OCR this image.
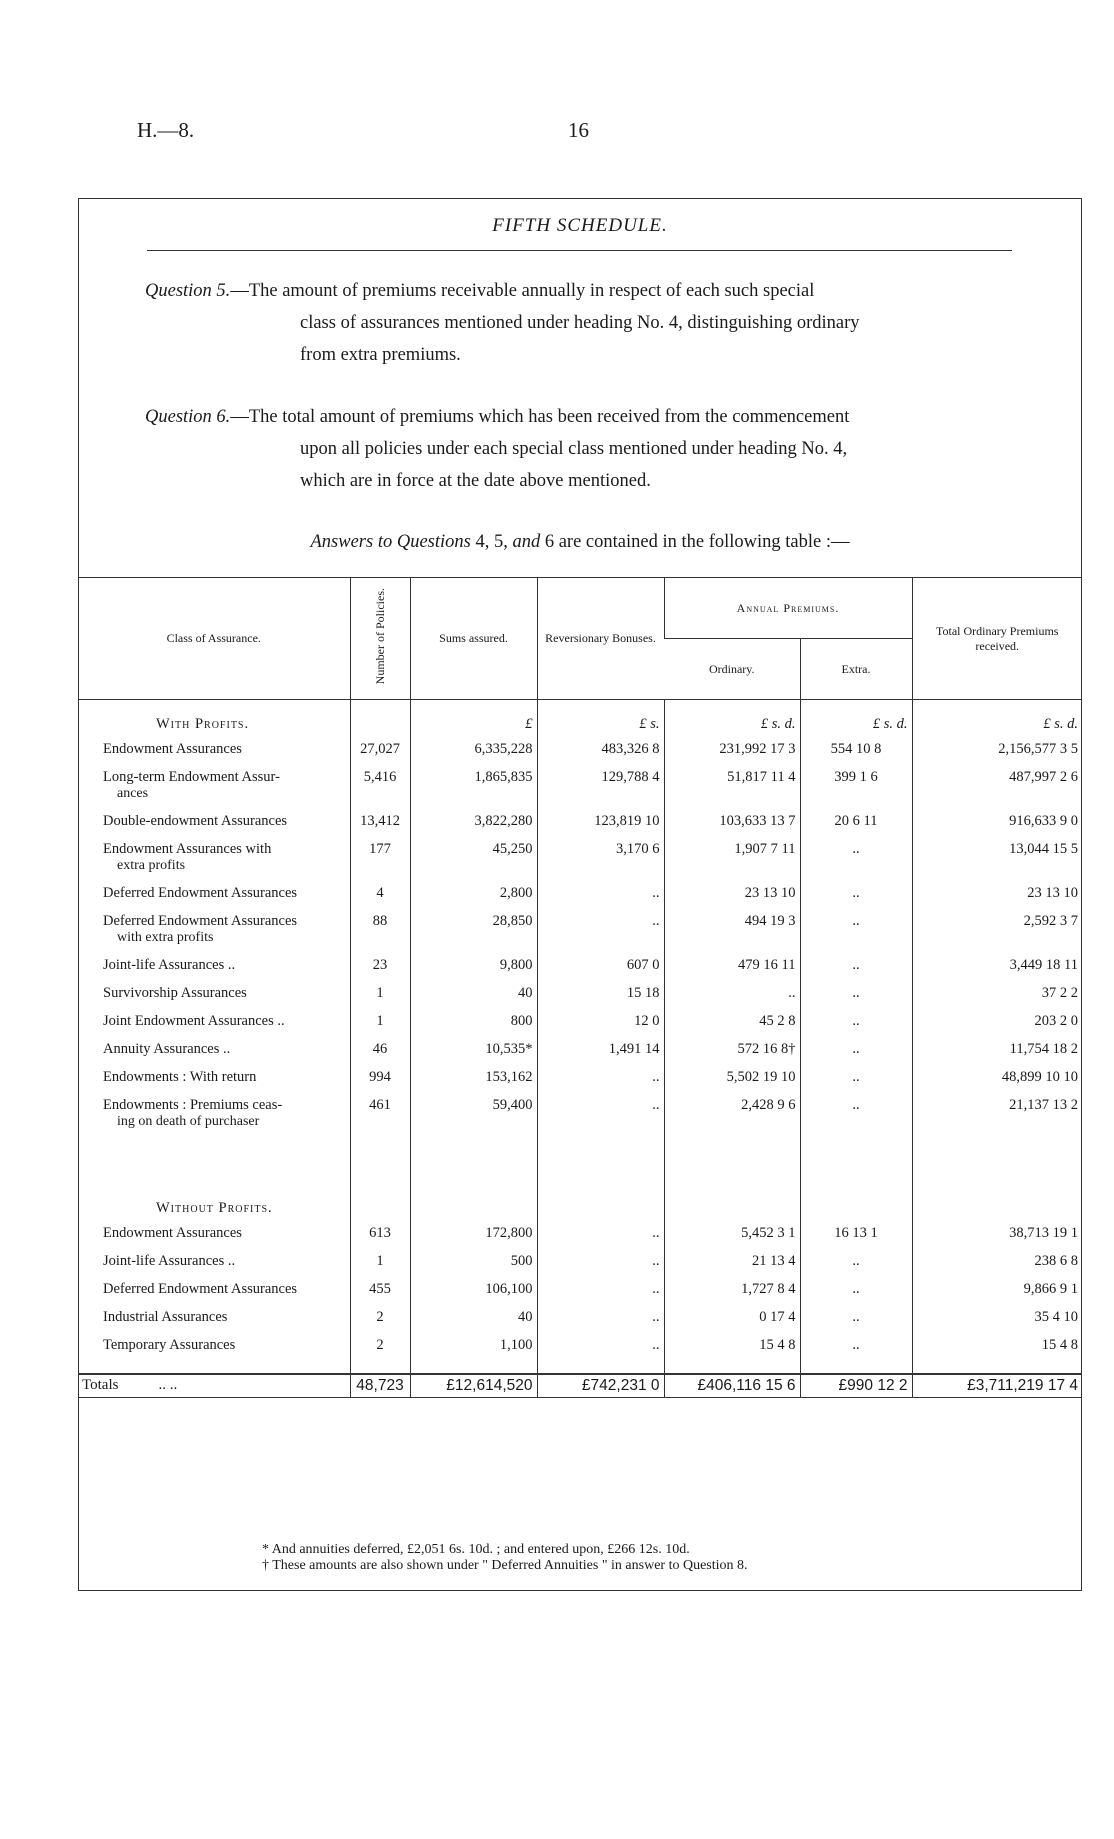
H.—8.	16
FIFTH SCHEDULE.
Question 5.—The amount of premiums receivable annually in respect of each such special
class of assurances mentioned under heading No. 4, distinguishing ordinary
from extra premiums.
Question 6.—The total amount of premiums which has been received from the commencement
upon all policies under each special class mentioned under heading No. 4,
which are in force at the date above mentioned.
Answers to Questions 4, 5, and 6 are contained in the following table :—
Class of Assurance.	Number of Policies.	Sums assured.	Reversionary Bonuses.	Annual Premiums.		Total Ordinary Premiums received.
				Ordinary.	Extra.	
With Profits.		£	£ s.	£ s. d.	£ s. d.	£ s. d.
Endowment Assurances	27,027	6,335,228	483,326 8	231,992 17 3	554 10 8	2,156,577 3 5
Long-term Endowment Assur-
ances	5,416	1,865,835	129,788 4	51,817 11 4	399 1 6	487,997 2 6
Double-endowment Assurances	13,412	3,822,280	123,819 10	103,633 13 7	20 6 11	916,633 9 0
Endowment Assurances with
extra profits	177	45,250	3,170 6	1,907 7 11	..	13,044 15 5
Deferred Endowment Assurances	4	2,800	..	23 13 10	..	23 13 10
Deferred Endowment Assurances
with extra profits	88	28,850	..	494 19 3	..	2,592 3 7
Joint-life Assurances ..	23	9,800	607 0	479 16 11	..	3,449 18 11
Survivorship Assurances	1	40	15 18	..	..	37 2 2
Joint Endowment Assurances ..	1	800	12 0	45 2 8	..	203 2 0
Annuity Assurances ..	46	10,535*	1,491 14	572 16 8†	..	11,754 18 2
Endowments : With return	994	153,162	..	5,502 19 10	..	48,899 10 10
Endowments : Premiums ceas-
ing on death of purchaser	461	59,400	..	2,428 9 6	..	21,137 13 2

Without Profits.						
Endowment Assurances	613	172,800	..	5,452 3 1	16 13 1	38,713 19 1
Joint-life Assurances ..	1	500	..	21 13 4	..	238 6 8
Deferred Endowment Assurances	455	106,100	..	1,727 8 4	..	9,866 9 1
Industrial Assurances	2	40	..	0 17 4	..	35 4 10
Temporary Assurances	2	1,100	..	15 4 8	..	15 4 8

Totals .. ..	48,723	£12,614,520	£742,231 0	£406,116 15 6	£990 12 2	£3,711,219 17 4
* And annuities deferred, £2,051 6s. 10d. ; and entered upon, £266 12s. 10d.
† These amounts are also shown under " Deferred Annuities " in answer to Question 8.
